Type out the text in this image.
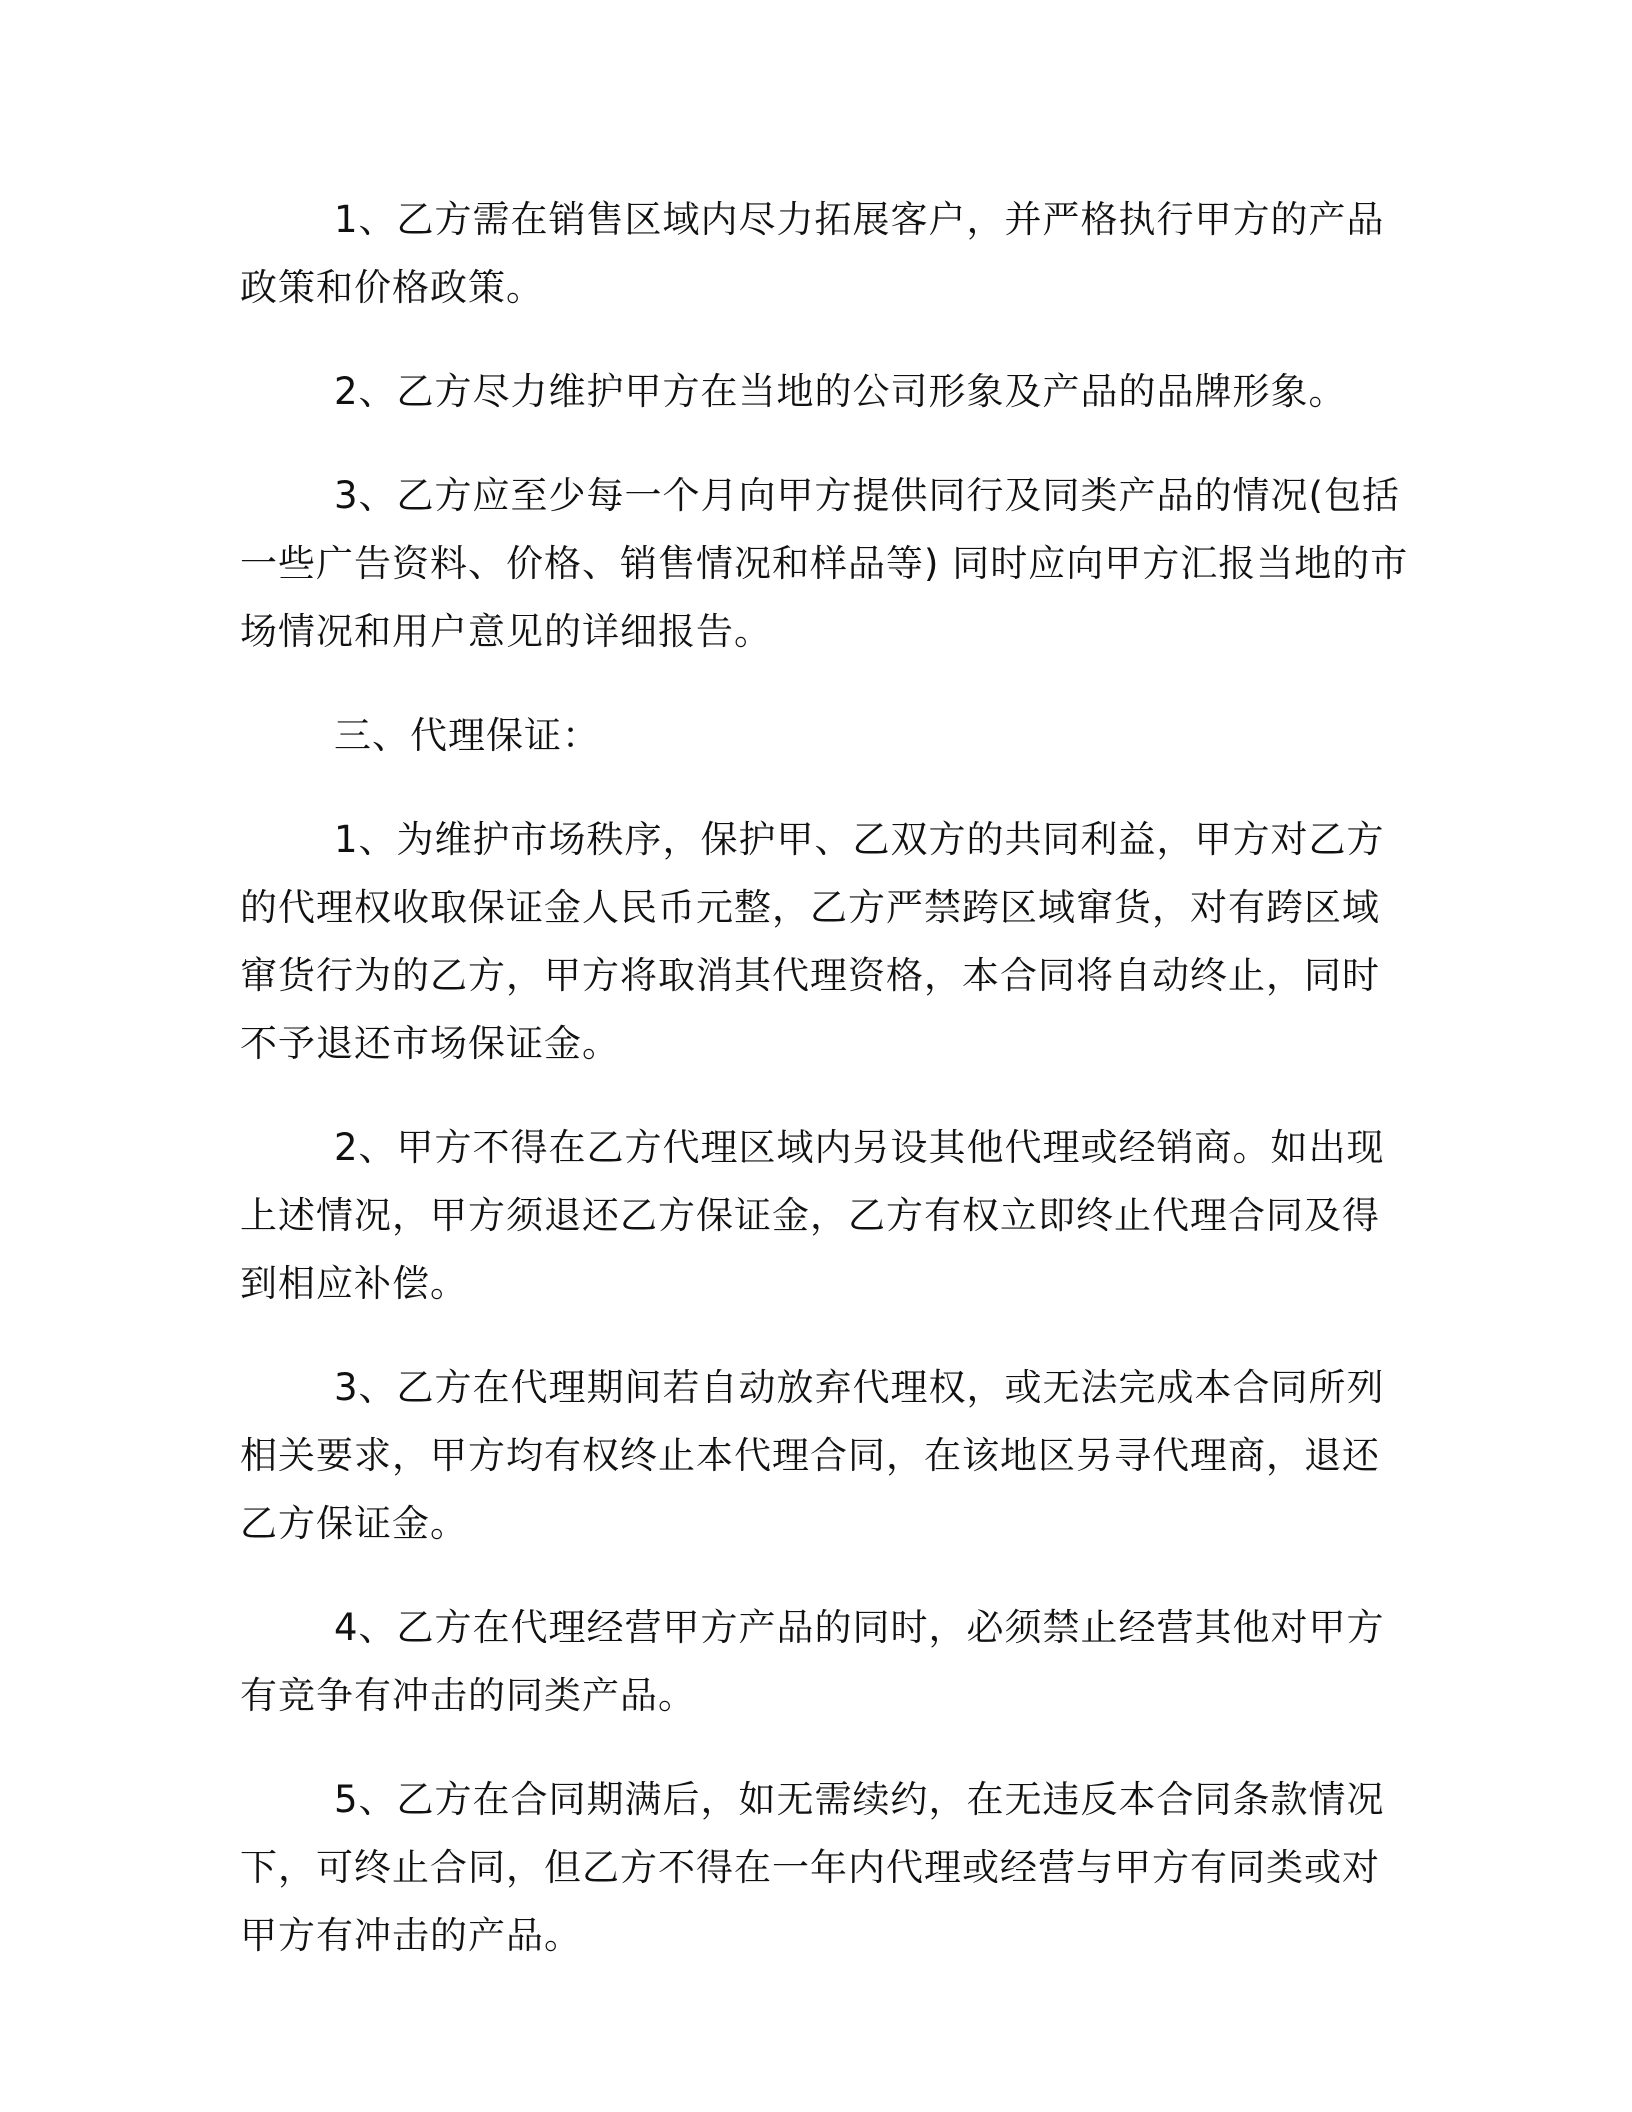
1、乙方需在销售区域内尽力拓展客户，并严格执行甲方的产品
政策和价格政策。

2、乙方尽力维护甲方在当地的公司形象及产品的品牌形象。

3、乙方应至少每一个月向甲方提供同行及同类产品的情况(包括
一些广告资料、价格、销售情况和样品等) 同时应向甲方汇报当地的市
场情况和用户意见的详细报告。

三、代理保证：

1、为维护市场秩序，保护甲、乙双方的共同利益，甲方对乙方
的代理权收取保证金人民币元整，乙方严禁跨区域窜货，对有跨区域
窜货行为的乙方，甲方将取消其代理资格，本合同将自动终止，同时
不予退还市场保证金。

2、甲方不得在乙方代理区域内另设其他代理或经销商。如出现
上述情况，甲方须退还乙方保证金，乙方有权立即终止代理合同及得
到相应补偿。

3、乙方在代理期间若自动放弃代理权，或无法完成本合同所列
相关要求，甲方均有权终止本代理合同，在该地区另寻代理商，退还
乙方保证金。

4、乙方在代理经营甲方产品的同时，必须禁止经营其他对甲方
有竞争有冲击的同类产品。

5、乙方在合同期满后，如无需续约，在无违反本合同条款情况
下，可终止合同，但乙方不得在一年内代理或经营与甲方有同类或对
甲方有冲击的产品。
